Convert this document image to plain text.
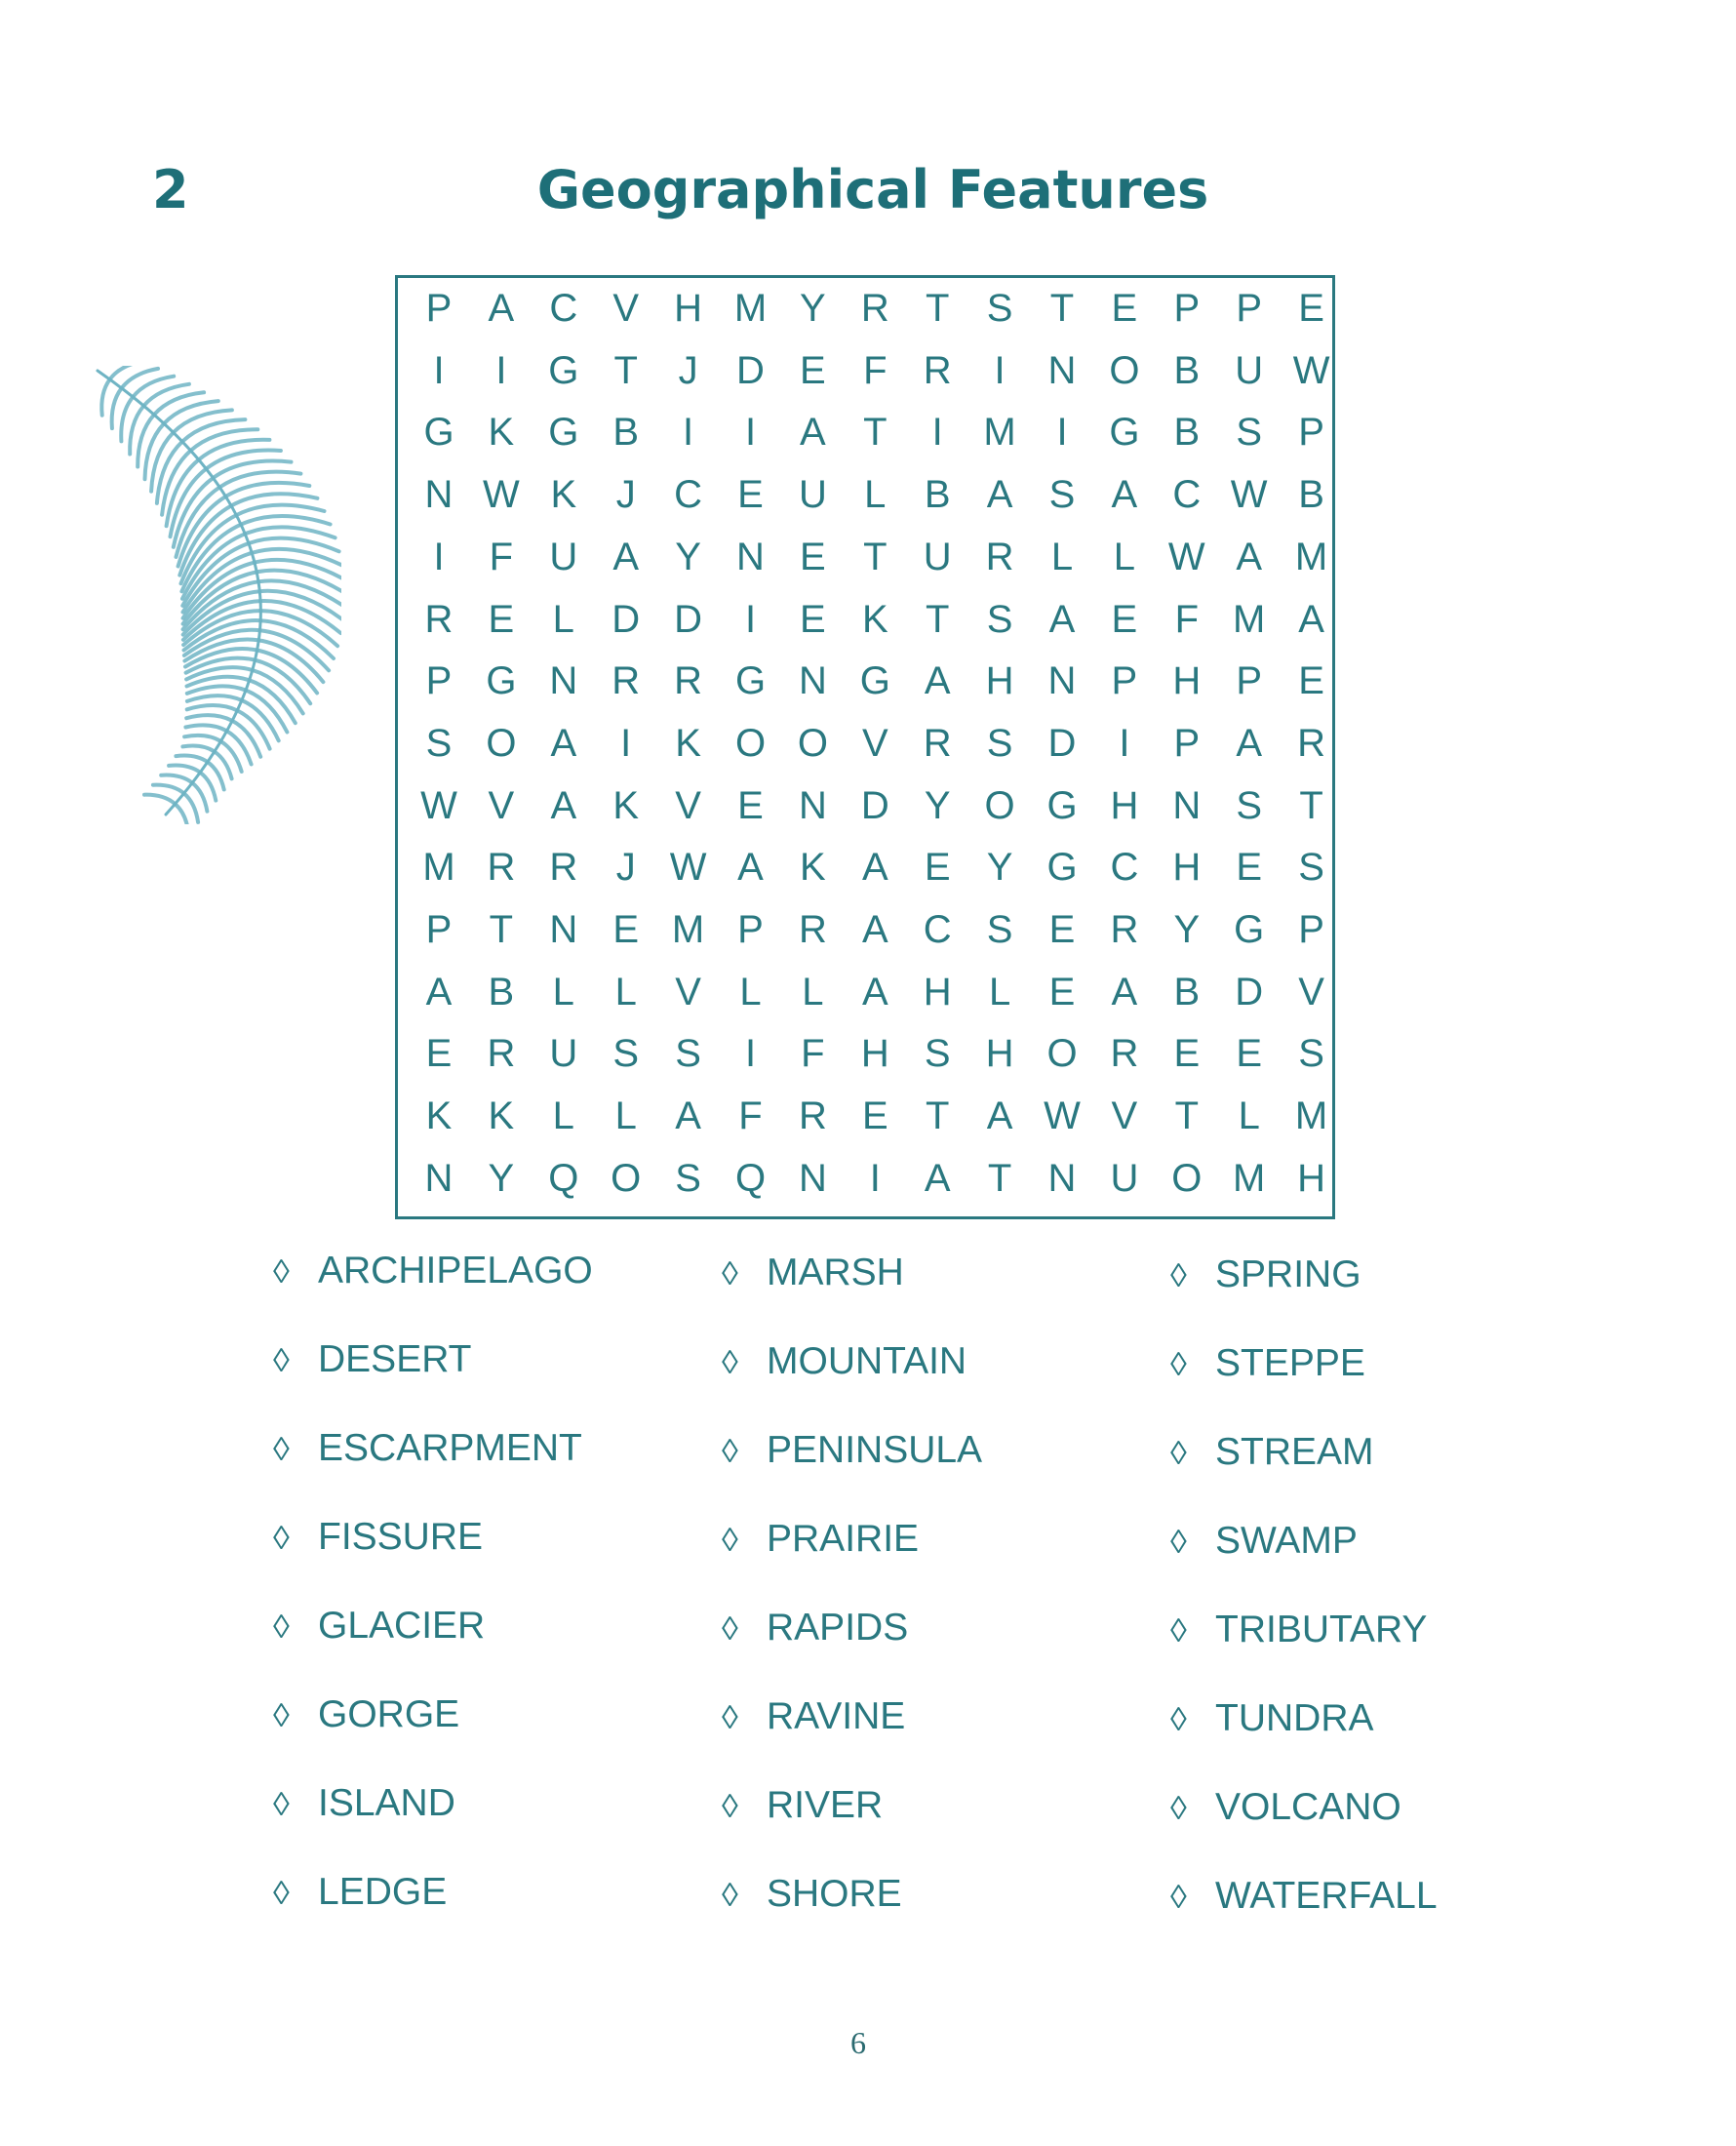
2	Geographical Features
P A C V H M Y R T S T E P P E
I	I	G T	J D E F R	I	N O B U W
G K G B	I	I	A T	I	M	I	G B S P
N W K	J C E U L B A S A C W B
I	F U A Y N E T U R L	L W A M
R E L D D	I	E K T S A E F M A
P G N R R G N G A H N P H P E
S O A	I	K O O V R S D	I	P A R
W V A K V E N D Y O G H N S T
M R R J W A K A E Y G C H E S
P T N E M P R A C S E R Y G P
A B L	L V L	L A H L E A B D V
E R U S S	I	F H S H O R E E S
K K L	L A F R E T A W V T	L M
N Y Q O S Q N	I	A T N U O M H
◊ ARCHIPELAGO
◊ DESERT
◊ ESCARPMENT
◊ FISSURE
◊ GLACIER
◊ GORGE
◊ ISLAND
◊ LEDGE
◊ MARSH
◊ MOUNTAIN
◊ PENINSULA
◊ PRAIRIE
◊ RAPIDS
◊ RAVINE
◊ RIVER
◊ SHORE
◊ SPRING
◊ STEPPE
◊ STREAM
◊ SWAMP
◊ TRIBUTARY
◊ TUNDRA
◊ VOLCANO
◊ WATERFALL
6
